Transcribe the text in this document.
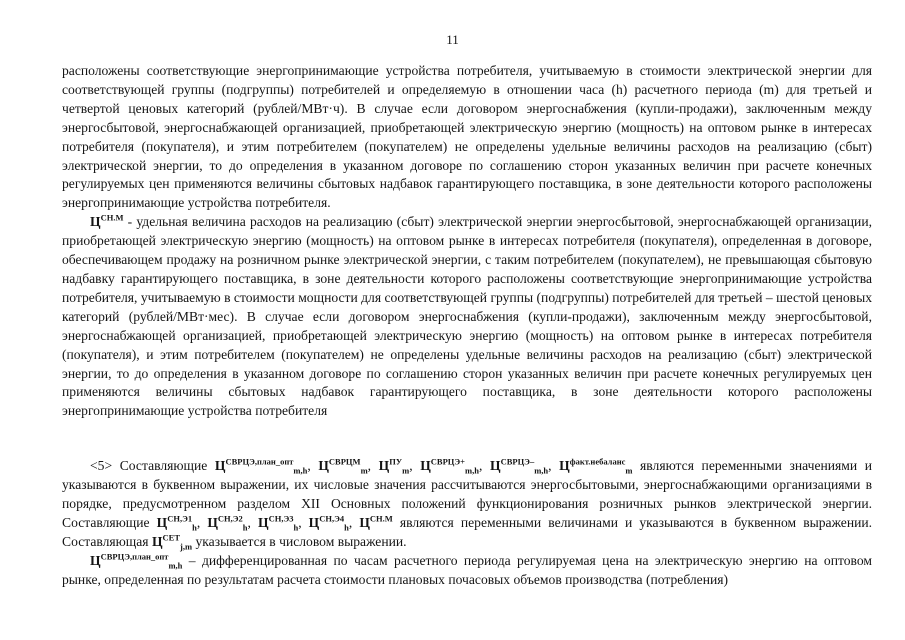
11

расположены соответствующие энергопринимающие устройства потребителя, учитываемую в стоимости электрической энергии для соответствующей группы (подгруппы) потребителей и определяемую в отношении часа (h) расчетного периода (m) для третьей и четвертой ценовых категорий (рублей/МВт·ч). В случае если договором энергоснабжения (купли-продажи), заключенным между энергосбытовой, энергоснабжающей организацией, приобретающей электрическую энергию (мощность) на оптовом рынке в интересах потребителя (покупателя), и этим потребителем (покупателем) не определены удельные величины расходов на реализацию (сбыт) электрической энергии, то до определения в указанном договоре по соглашению сторон указанных величин при расчете конечных регулируемых цен применяются величины сбытовых надбавок гарантирующего поставщика, в зоне деятельности которого расположены энергопринимающие устройства потребителя.

$Ц^{СН.М}$ - удельная величина расходов на реализацию (сбыт) электрической энергии энергосбытовой, энергоснабжающей организации, приобретающей электрическую энергию (мощность) на оптовом рынке в интересах потребителя (покупателя), определенная в договоре, обеспечивающем продажу на розничном рынке электрической энергии, с таким потребителем (покупателем), не превышающая сбытовую надбавку гарантирующего поставщика, в зоне деятельности которого расположены соответствующие энергопринимающие устройства потребителя, учитываемую в стоимости мощности для соответствующей группы (подгруппы) потребителей для третьей – шестой ценовых категорий (рублей/МВт·мес). В случае если договором энергоснабжения (купли-продажи), заключенным между энергосбытовой, энергоснабжающей организацией, приобретающей электрическую энергию (мощность) на оптовом рынке в интересах потребителя (покупателя), и этим потребителем (покупателем) не определены удельные величины расходов на реализацию (сбыт) электрической энергии, то до определения в указанном договоре по соглашению сторон указанных величин при расчете конечных регулируемых цен применяются величины сбытовых надбавок гарантирующего поставщика, в зоне деятельности которого расположены энергопринимающие устройства потребителя

<5> Составляющие $Ц^{СВРЦЭ,план\_опт}_{m,h}$, $Ц^{СВРЦМ}_m$, $Ц^{ПУ}_m$, $Ц^{СВРЦЭ+}_{m,h}$, $Ц^{СВРЦЭ-}_{m,h}$, $Ц^{факт.небаланс}_m$ являются переменными значениями и указываются в буквенном выражении, их числовые значения рассчитываются энергосбытовыми, энергоснабжающими организациями в порядке, предусмотренном разделом XII Основных положений функционирования розничных рынков электрической энергии. Составляющие $Ц^{СН,Э1}_h$, $Ц^{СН,Э2}_h$, $Ц^{СН,Э3}_h$, $Ц^{СН,Э4}_h$, $Ц^{СН.М}$ являются переменными величинами и указываются в буквенном выражении. Составляющая $Ц^{СЕТ}_{j,m}$ указывается в числовом выражении.

$Ц^{СВРЦЭ,план\_опт}_{m,h}$ – дифференцированная по часам расчетного периода регулируемая цена на электрическую энергию на оптовом рынке, определенная по результатам расчета стоимости плановых почасовых объемов производства (потребления)
